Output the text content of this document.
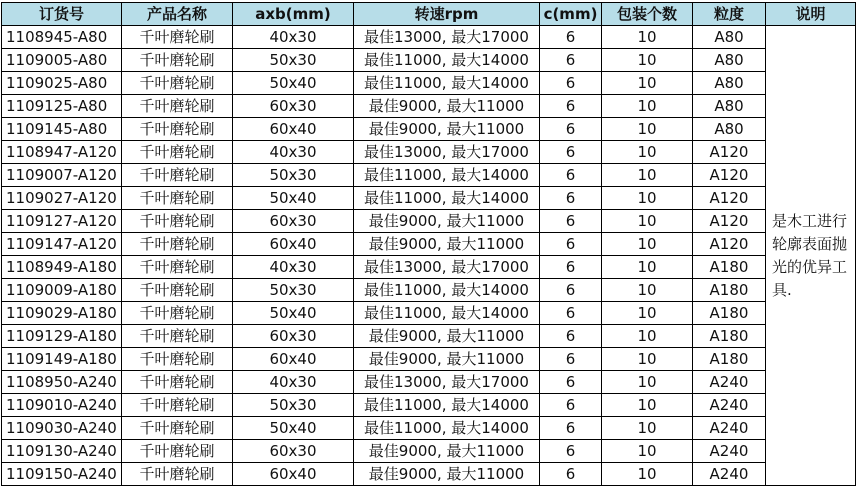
订货号	产品名称	axb(mm)	转速rpm	c(mm)	包装个数	粒度	说明
1108945-A80	千叶磨轮刷	40x30	最佳13000, 最大17000	6	10	A80	是木工进行轮廓表面抛光的优异工具.

1109005-A80	千叶磨轮刷	50x30	最佳11000, 最大14000	6	10	A80	
1109025-A80	千叶磨轮刷	50x40	最佳11000, 最大14000	6	10	A80	
1109125-A80	千叶磨轮刷	60x30	最佳9000, 最大11000	6	10	A80	
1109145-A80	千叶磨轮刷	60x40	最佳9000, 最大11000	6	10	A80	
1108947-A120	千叶磨轮刷	40x30	最佳13000, 最大17000	6	10	A120	
1109007-A120	千叶磨轮刷	50x30	最佳11000, 最大14000	6	10	A120	
1109027-A120	千叶磨轮刷	50x40	最佳11000, 最大14000	6	10	A120	
1109127-A120	千叶磨轮刷	60x30	最佳9000, 最大11000	6	10	A120	
1109147-A120	千叶磨轮刷	60x40	最佳9000, 最大11000	6	10	A120	
1108949-A180	千叶磨轮刷	40x30	最佳13000, 最大17000	6	10	A180	
1109009-A180	千叶磨轮刷	50x30	最佳11000, 最大14000	6	10	A180	
1109029-A180	千叶磨轮刷	50x40	最佳11000, 最大14000	6	10	A180	
1109129-A180	千叶磨轮刷	60x30	最佳9000, 最大11000	6	10	A180	
1109149-A180	千叶磨轮刷	60x40	最佳9000, 最大11000	6	10	A180	
1108950-A240	千叶磨轮刷	40x30	最佳13000, 最大17000	6	10	A240	
1109010-A240	千叶磨轮刷	50x30	最佳11000, 最大14000	6	10	A240	
1109030-A240	千叶磨轮刷	50x40	最佳11000, 最大14000	6	10	A240	
1109130-A240	千叶磨轮刷	60x30	最佳9000, 最大11000	6	10	A240	
1109150-A240	千叶磨轮刷	60x40	最佳9000, 最大11000	6	10	A240	
